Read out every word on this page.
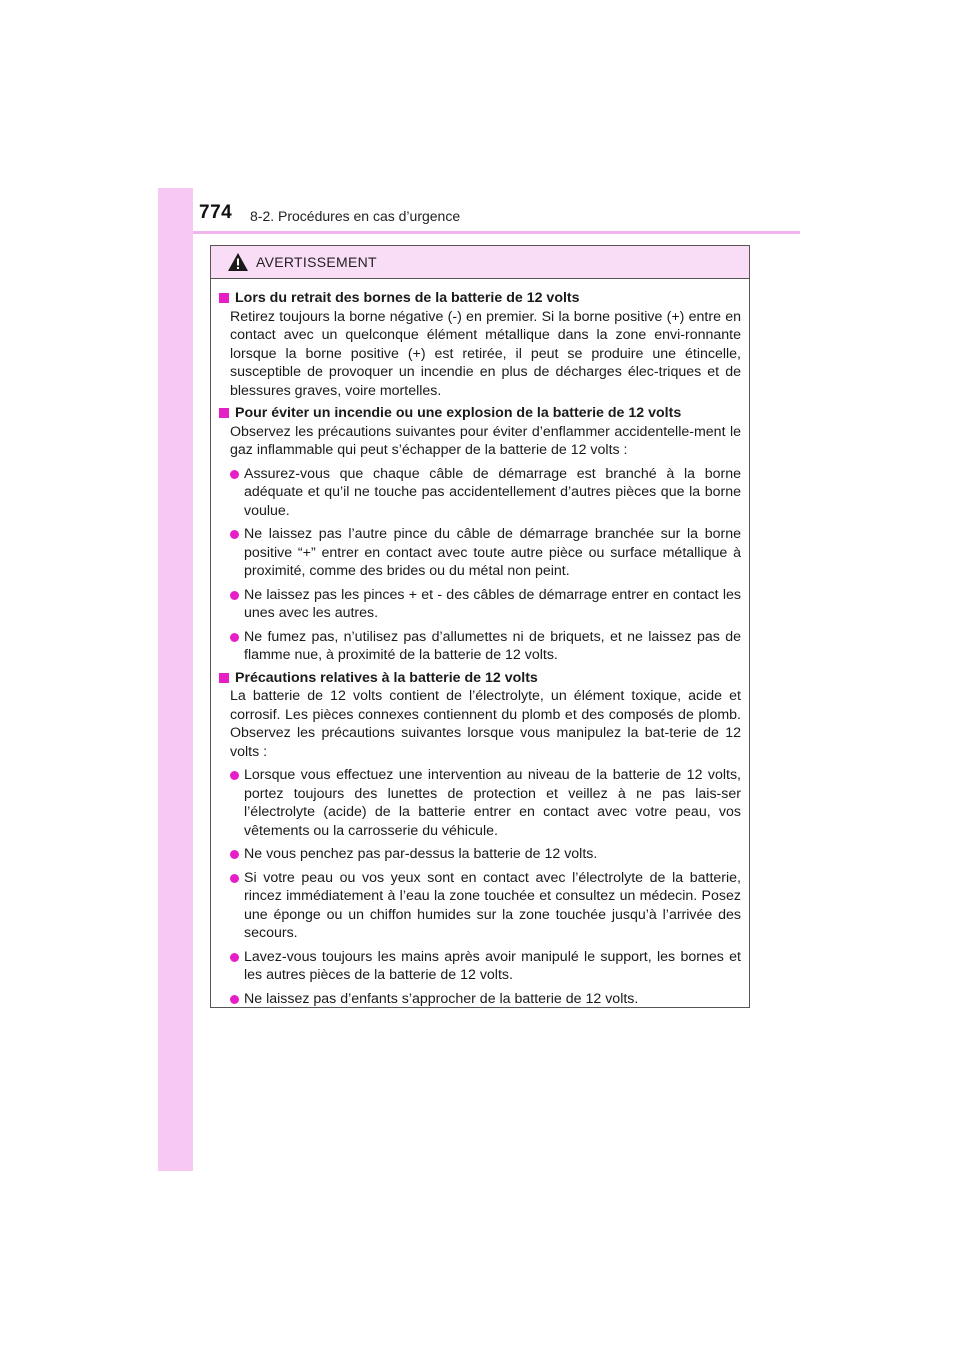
774 8-2. Procédures en cas d’urgence
AVERTISSEMENT
Lors du retrait des bornes de la batterie de 12 volts

Retirez toujours la borne négative (-) en premier. Si la borne positive (+) entre en contact avec un quelconque élément métallique dans la zone envi-ronnante lorsque la borne positive (+) est retirée, il peut se produire une étincelle, susceptible de provoquer un incendie en plus de décharges élec-triques et de blessures graves, voire mortelles.

Pour éviter un incendie ou une explosion de la batterie de 12 volts

Observez les précautions suivantes pour éviter d’enflammer accidentelle-ment le gaz inflammable qui peut s’échapper de la batterie de 12 volts :

Assurez-vous que chaque câble de démarrage est branché à la borne adéquate et qu’il ne touche pas accidentellement d’autres pièces que la borne voulue.
Ne laissez pas l’autre pince du câble de démarrage branchée sur la borne positive “+” entrer en contact avec toute autre pièce ou surface métallique à proximité, comme des brides ou du métal non peint.
Ne laissez pas les pinces + et - des câbles de démarrage entrer en contact les unes avec les autres.
Ne fumez pas, n’utilisez pas d’allumettes ni de briquets, et ne laissez pas de flamme nue, à proximité de la batterie de 12 volts.
Précautions relatives à la batterie de 12 volts

La batterie de 12 volts contient de l’électrolyte, un élément toxique, acide et corrosif. Les pièces connexes contiennent du plomb et des composés de plomb. Observez les précautions suivantes lorsque vous manipulez la bat-terie de 12 volts :

Lorsque vous effectuez une intervention au niveau de la batterie de 12 volts, portez toujours des lunettes de protection et veillez à ne pas lais-ser l’électrolyte (acide) de la batterie entrer en contact avec votre peau, vos vêtements ou la carrosserie du véhicule.
Ne vous penchez pas par-dessus la batterie de 12 volts.
Si votre peau ou vos yeux sont en contact avec l’électrolyte de la batterie, rincez immédiatement à l’eau la zone touchée et consultez un médecin. Posez une éponge ou un chiffon humides sur la zone touchée jusqu’à l’arrivée des secours.
Lavez-vous toujours les mains après avoir manipulé le support, les bornes et les autres pièces de la batterie de 12 volts.
Ne laissez pas d’enfants s’approcher de la batterie de 12 volts.
